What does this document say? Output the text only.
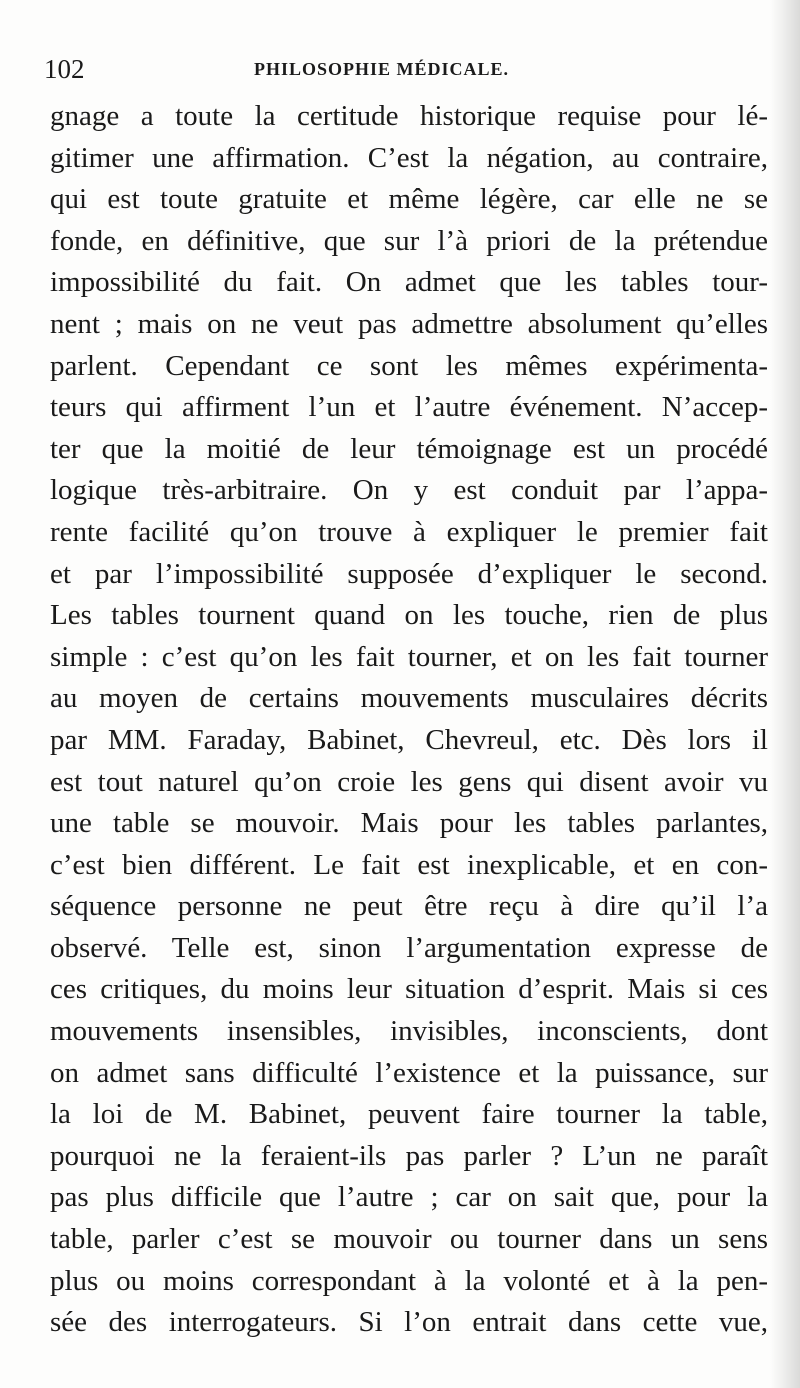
102	PHILOSOPHIE MÉDICALE.
gnage a toute la certitude historique requise pour lé-
gitimer une affirmation. C’est la négation, au contraire,
qui est toute gratuite et même légère, car elle ne se
fonde, en définitive, que sur l’à priori de la prétendue
impossibilité du fait. On admet que les tables tour-
nent ; mais on ne veut pas admettre absolument qu’elles
parlent. Cependant ce sont les mêmes expérimenta-
teurs qui affirment l’un et l’autre événement. N’accep-
ter que la moitié de leur témoignage est un procédé
logique très-arbitraire. On y est conduit par l’appa-
rente facilité qu’on trouve à expliquer le premier fait
et par l’impossibilité supposée d’expliquer le second.
Les tables tournent quand on les touche, rien de plus
simple : c’est qu’on les fait tourner, et on les fait tourner
au moyen de certains mouvements musculaires décrits
par MM. Faraday, Babinet, Chevreul, etc. Dès lors il
est tout naturel qu’on croie les gens qui disent avoir vu
une table se mouvoir. Mais pour les tables parlantes,
c’est bien différent. Le fait est inexplicable, et en con-
séquence personne ne peut être reçu à dire qu’il l’a
observé. Telle est, sinon l’argumentation expresse de
ces critiques, du moins leur situation d’esprit. Mais si ces
mouvements insensibles, invisibles, inconscients, dont
on admet sans difficulté l’existence et la puissance, sur
la loi de M. Babinet, peuvent faire tourner la table,
pourquoi ne la feraient-ils pas parler ? L’un ne paraît
pas plus difficile que l’autre ; car on sait que, pour la
table, parler c’est se mouvoir ou tourner dans un sens
plus ou moins correspondant à la volonté et à la pen-
sée des interrogateurs. Si l’on entrait dans cette vue,
